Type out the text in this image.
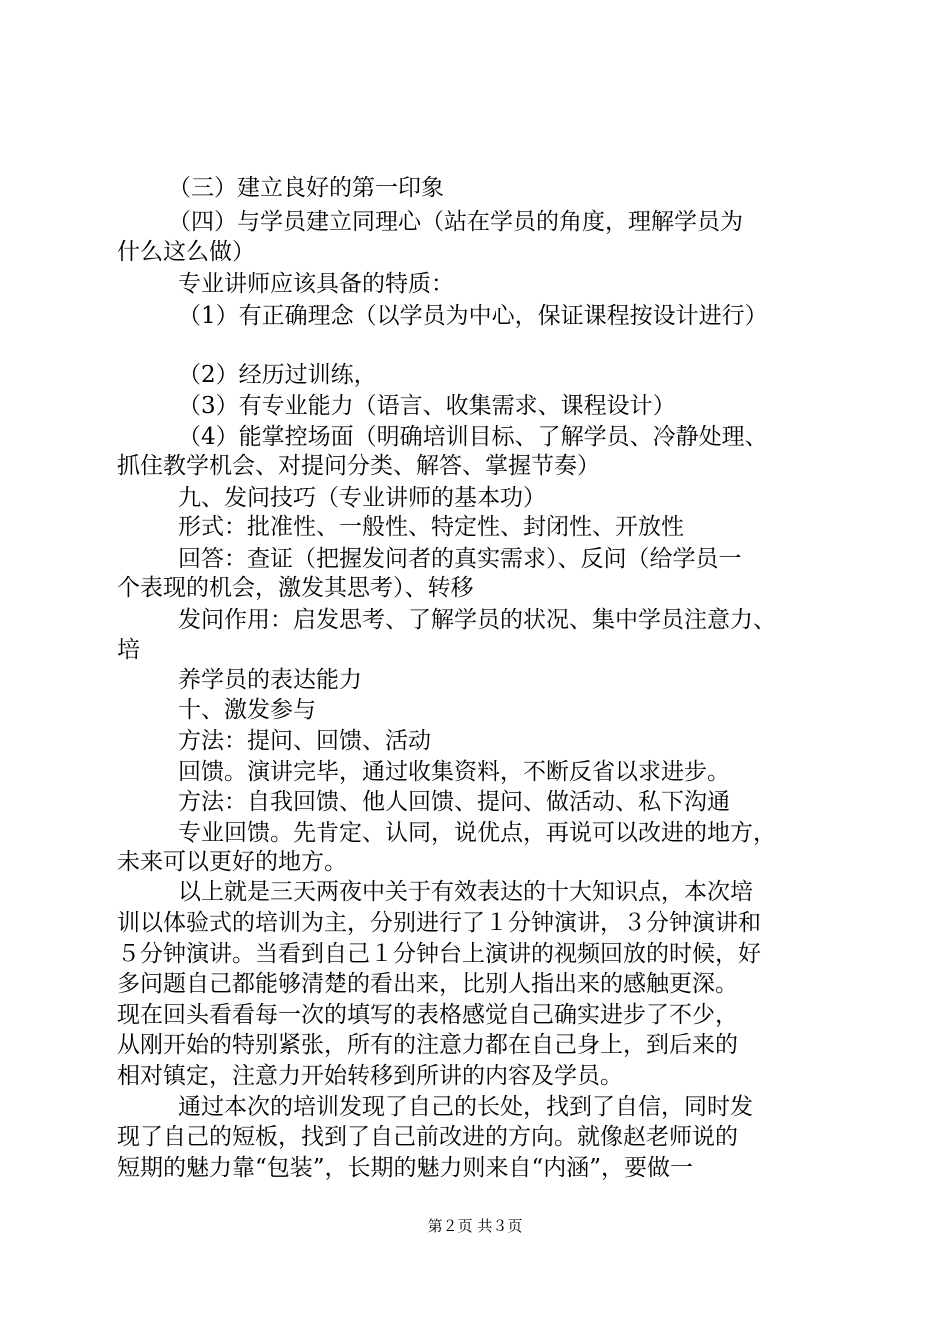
（三）建立良好的第一印象
（四）与学员建立同理心（站在学员的角度，理解学员为
什么这么做）
专业讲师应该具备的特质：
（1）有正确理念（以学员为中心，保证课程按设计进行）
（2）经历过训练，
（3）有专业能力（语言、收集需求、课程设计）
（4）能掌控场面（明确培训目标、了解学员、冷静处理、
抓住教学机会、对提问分类、解答、掌握节奏）
九、发问技巧（专业讲师的基本功）
形式：批准性、一般性、特定性、封闭性、开放性
回答：查证（把握发问者的真实需求）、反问（给学员一
个表现的机会，激发其思考）、转移
发问作用：启发思考、了解学员的状况、集中学员注意力、
培
养学员的表达能力
十、激发参与
方法：提问、回馈、活动
回馈。演讲完毕，通过收集资料，不断反省以求进步。
方法：自我回馈、他人回馈、提问、做活动、私下沟通
专业回馈。先肯定、认同，说优点，再说可以改进的地方，
未来可以更好的地方。
以上就是三天两夜中关于有效表达的十大知识点，本次培
训以体验式的培训为主，分别进行了１分钟演讲，３分钟演讲和
５分钟演讲。当看到自己１分钟台上演讲的视频回放的时候，好
多问题自己都能够清楚的看出来，比别人指出来的感触更深。
现在回头看看每一次的填写的表格感觉自己确实进步了不少，
从刚开始的特别紧张，所有的注意力都在自己身上，到后来的
相对镇定，注意力开始转移到所讲的内容及学员。
通过本次的培训发现了自己的长处，找到了自信，同时发
现了自己的短板，找到了自己前改进的方向。就像赵老师说的
短期的魅力靠“包装”，长期的魅力则来自“内涵”，要做一
第２页 共３页
